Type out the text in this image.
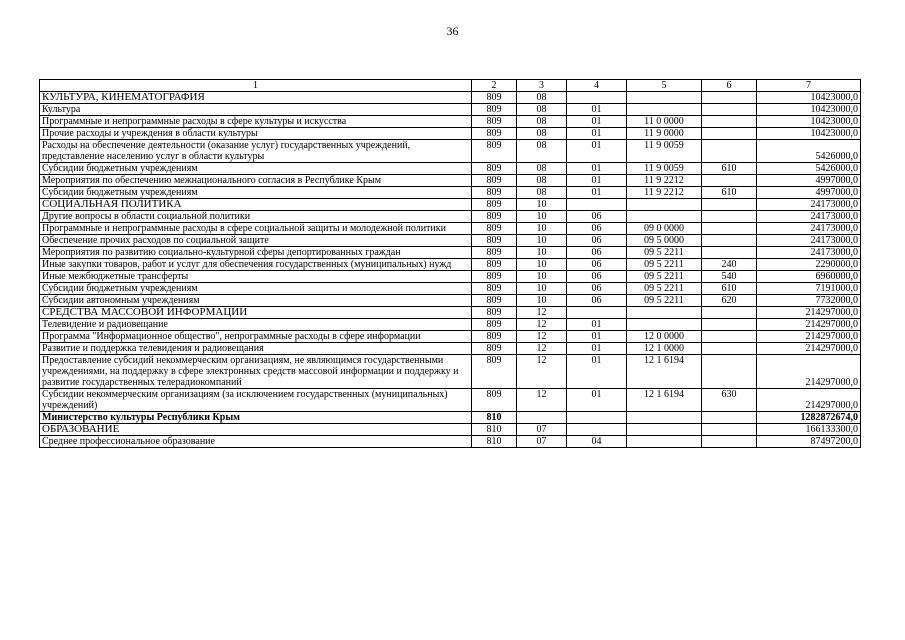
36
1	2	3	4	5	6	7
КУЛЬТУРА, КИНЕМАТОГРАФИЯ	809	08				10423000,0
Культура	809	08	01			10423000,0
Программные и непрограммные расходы в сфере культуры и искусства	809	08	01	11 0 0000		10423000,0
Прочие расходы и учреждения в области культуры	809	08	01	11 9 0000		10423000,0
Расходы на обеспечение деятельности (оказание услуг) государственных учреждений, представление населению услуг в области культуры	809	08	01	11 9 0059		5426000,0
Субсидии бюджетным учреждениям	809	08	01	11 9 0059	610	5426000,0
Мероприятия по обеспечению межнационального согласия в Республике Крым	809	08	01	11 9 2212		4997000,0
Субсидии бюджетным учреждениям	809	08	01	11 9 2212	610	4997000,0
СОЦИАЛЬНАЯ ПОЛИТИКА	809	10				24173000,0
Другие вопросы в области социальной политики	809	10	06			24173000,0
Программные и непрограммные расходы в сфере социальной защиты и молодежной политики	809	10	06	09 0 0000		24173000,0
Обеспечение прочих расходов по социальной защите	809	10	06	09 5 0000		24173000,0
Мероприятия по развитию социально-культурной сферы депортированных граждан	809	10	06	09 5 2211		24173000,0
Иные закупки товаров, работ и услуг для обеспечения государственных (муниципальных) нужд	809	10	06	09 5 2211	240	2290000,0
Иные межбюджетные трансферты	809	10	06	09 5 2211	540	6960000,0
Субсидии бюджетным учреждениям	809	10	06	09 5 2211	610	7191000,0
Субсидии автономным учреждениям	809	10	06	09 5 2211	620	7732000,0
СРЕДСТВА МАССОВОЙ ИНФОРМАЦИИ	809	12				214297000,0
Телевидение и радиовещание	809	12	01			214297000,0
Программа "Информационное общество", непрограммные расходы в сфере информации	809	12	01	12 0 0000		214297000,0
Развитие и поддержка телевидения и радиовещания	809	12	01	12 1 0000		214297000,0
Предоставление субсидий некоммерческим организациям, не являющимся государственными учреждениями, на поддержку в сфере электронных средств массовой информации и поддержку и развитие государственных телерадиокомпаний	809	12	01	12 1 6194		214297000,0
Субсидии некоммерческим организациям (за исключением государственных (муниципальных) учреждений)	809	12	01	12 1 6194	630	214297000,0
Министерство культуры Республики Крым	810					1282872674,0
ОБРАЗОВАНИЕ	810	07				166133300,0
Среднее профессиональное образование	810	07	04			87497200,0
